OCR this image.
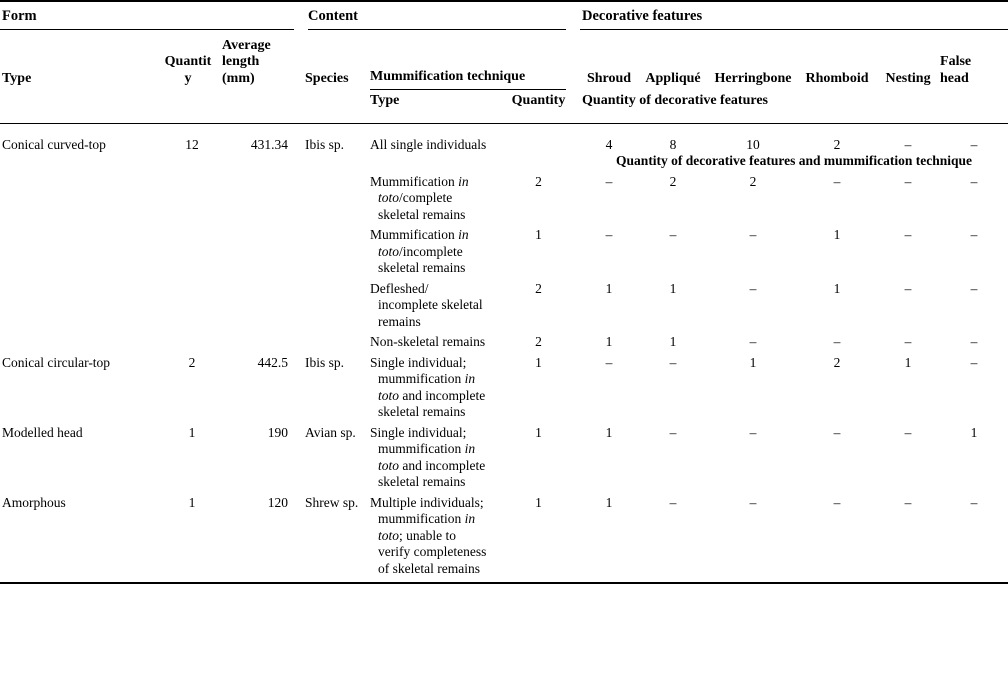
Form			Content			Decorative features					

Type	Quantity	Average length (mm)	Species	Mummification technique		Shroud	Appliqué	Herringbone	Rhomboid	Nesting	False head
				Type	Quantity	Quantity of decorative features					
Conical curved-top	12	431.34	Ibis sp.	All single individuals		4	8	10	2	–	–
						Quantity of decorative features and mummification technique					
				Mummification in toto/complete skeletal remains	2	–	2	2	–	–	–
				Mummification in toto/incomplete skeletal remains	1	–	–	–	1	–	–
				Defleshed/ incomplete skeletal remains	2	1	1	–	1	–	–
				Non-skeletal remains	2	1	1	–	–	–	–
Conical circular-top	2	442.5	Ibis sp.	Single individual; mummification in toto and incomplete skeletal remains	1	–	–	1	2	1	–
Modelled head	1	190	Avian sp.	Single individual; mummification in toto and incomplete skeletal remains	1	1	–	–	–	–	1
Amorphous	1	120	Shrew sp.	Multiple individuals; mummification in toto; unable to verify completeness of skeletal remains	1	1	–	–	–	–	–
